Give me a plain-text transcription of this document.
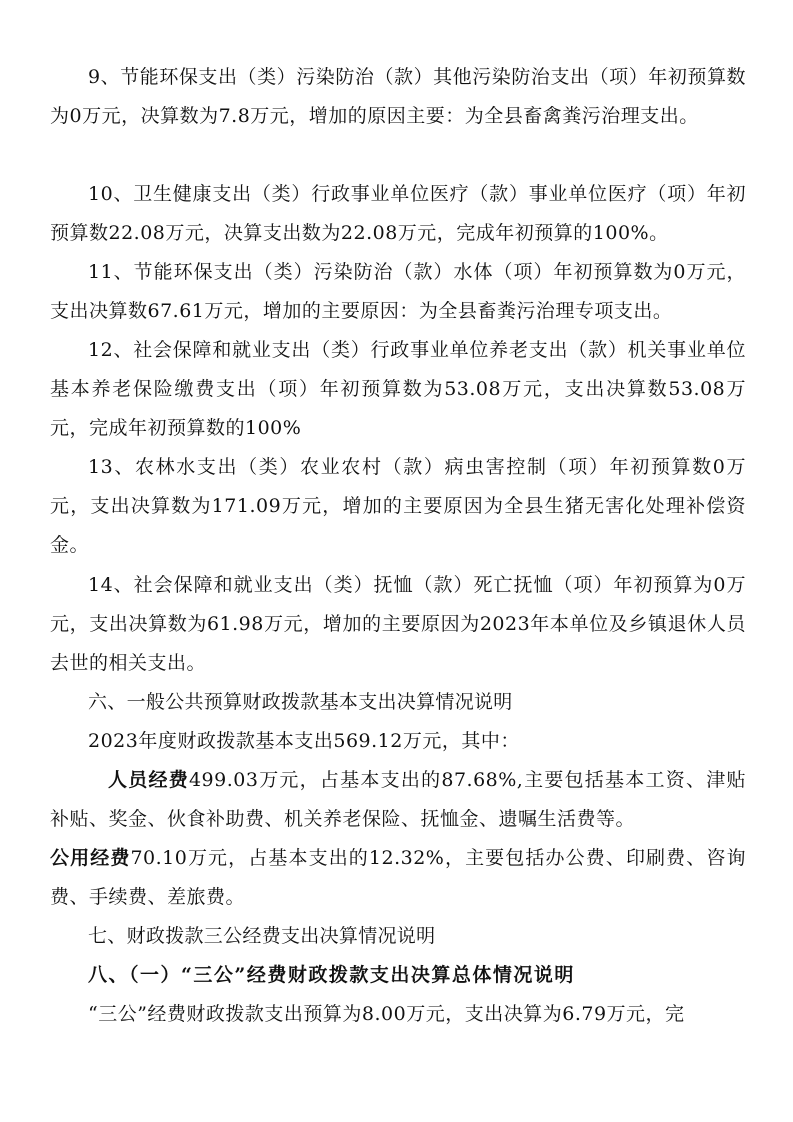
9、节能环保支出（类）污染防治（款）其他污染防治支出（项）年初预算数为0万元，决算数为7.8万元，增加的原因主要：为全县畜禽粪污治理支出。

10、卫生健康支出（类）行政事业单位医疗（款）事业单位医疗（项）年初预算数22.08万元，决算支出数为22.08万元，完成年初预算的100%。

11、节能环保支出（类）污染防治（款）水体（项）年初预算数为0万元，支出决算数67.61万元，增加的主要原因：为全县畜粪污治理专项支出。

12、社会保障和就业支出（类）行政事业单位养老支出（款）机关事业单位基本养老保险缴费支出（项）年初预算数为53.08万元，支出决算数53.08万元，完成年初预算数的100%

13、农林水支出（类）农业农村（款）病虫害控制（项）年初预算数0万元，支出决算数为171.09万元，增加的主要原因为全县生猪无害化处理补偿资金。

14、社会保障和就业支出（类）抚恤（款）死亡抚恤（项）年初预算为0万元，支出决算数为61.98万元，增加的主要原因为2023年本单位及乡镇退休人员去世的相关支出。

六、一般公共预算财政拨款基本支出决算情况说明

2023年度财政拨款基本支出569.12万元，其中：

人员经费499.03万元，占基本支出的87.68%,主要包括基本工资、津贴补贴、奖金、伙食补助费、机关养老保险、抚恤金、遗嘱生活费等。

公用经费70.10万元，占基本支出的12.32%，主要包括办公费、印刷费、咨询费、手续费、差旅费。

七、财政拨款三公经费支出决算情况说明

八、（一）“三公”经费财政拨款支出决算总体情况说明

“三公”经费财政拨款支出预算为8.00万元，支出决算为6.79万元，完
